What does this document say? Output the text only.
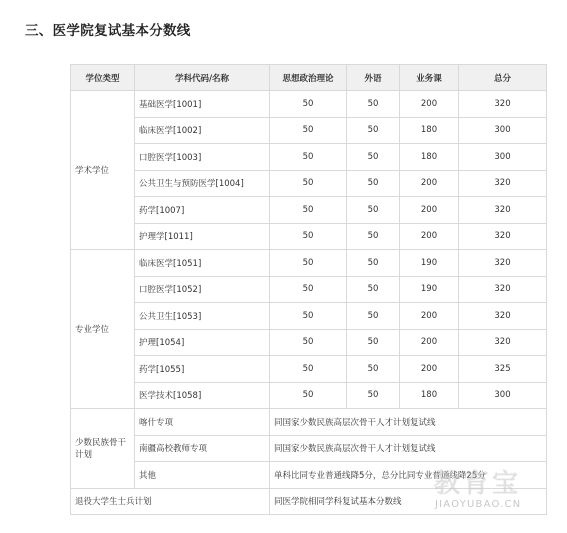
三、医学院复试基本分数线
学位类型	学科代码/名称	思想政治理论	外语	业务课	总分
学术学位	基础医学[1001]	50	50	200	320
	临床医学[1002]	50	50	180	300
	口腔医学[1003]	50	50	180	300
	公共卫生与预防医学[1004]	50	50	200	320
	药学[1007]	50	50	200	320
	护理学[1011]	50	50	200	320
专业学位	临床医学[1051]	50	50	190	320
	口腔医学[1052]	50	50	190	320
	公共卫生[1053]	50	50	200	320
	护理[1054]	50	50	200	320
	药学[1055]	50	50	200	325
	医学技术[1058]	50	50	180	300
少数民族骨干计划	喀什专项	同国家少数民族高层次骨干人才计划复试线			
	南疆高校教师专项	同国家少数民族高层次骨干人才计划复试线			
	其他	单科比同专业普通线降5分，总分比同专业普通线降25分			
退役大学生士兵计划		同医学院相同学科复试基本分数线			
教育宝
JIAOYUBAO.CN
